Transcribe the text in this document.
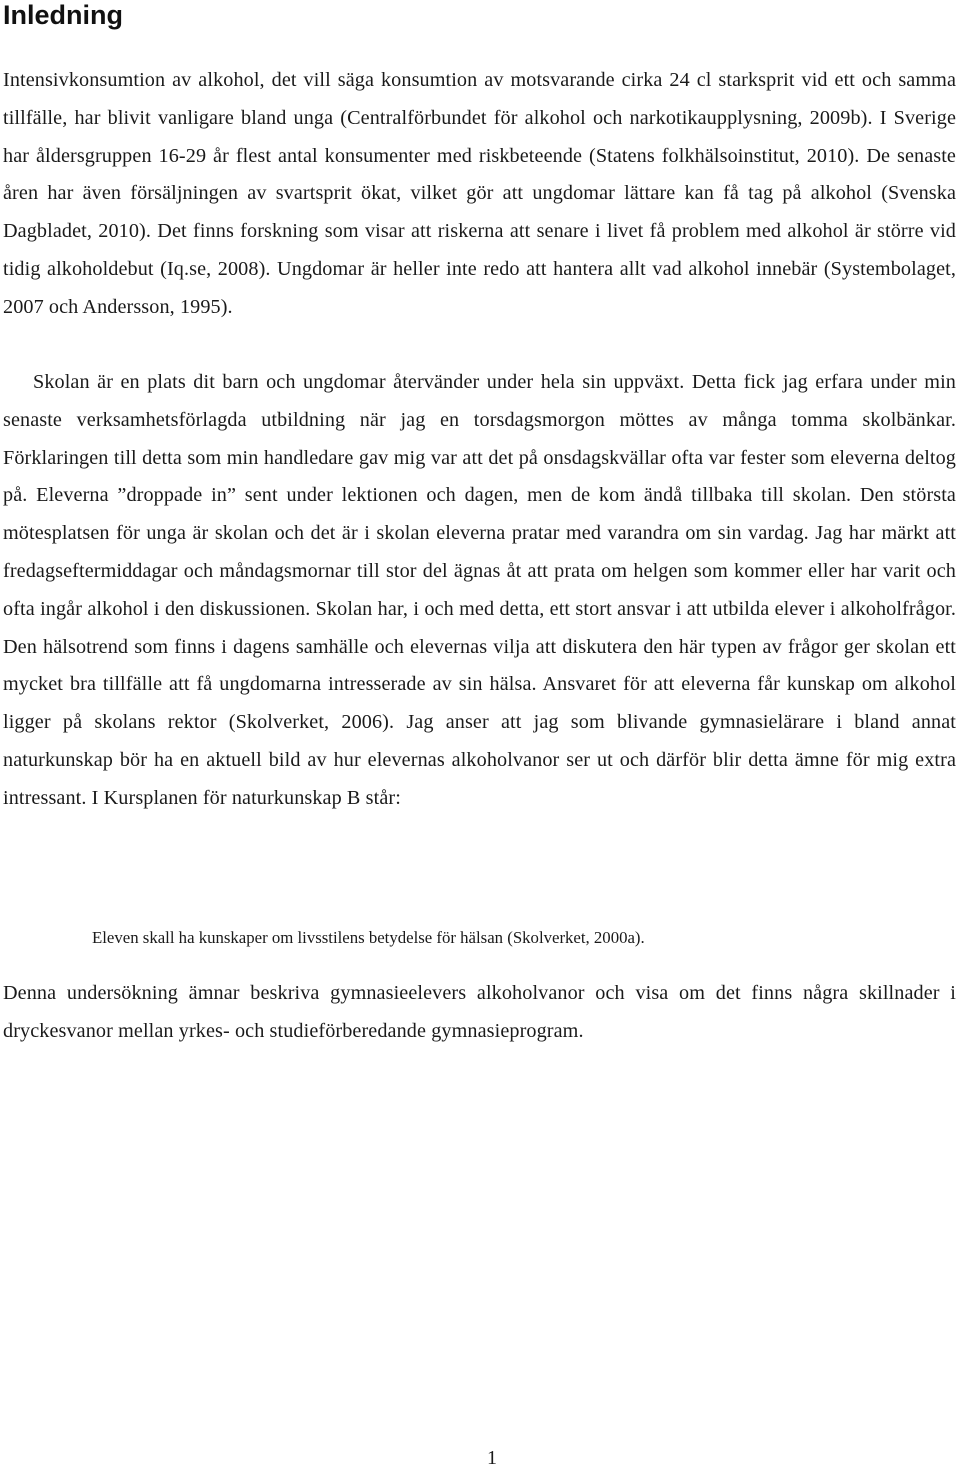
Inledning

Intensivkonsumtion av alkohol, det vill säga konsumtion av motsvarande cirka 24 cl starksprit vid ett och samma tillfälle, har blivit vanligare bland unga (Centralförbundet för alkohol och narkotikaupplysning, 2009b). I Sverige har åldersgruppen 16-29 år flest antal konsumenter med riskbeteende (Statens folkhälsoinstitut, 2010). De senaste åren har även försäljningen av svartsprit ökat, vilket gör att ungdomar lättare kan få tag på alkohol (Svenska Dagbladet, 2010). Det finns forskning som visar att riskerna att senare i livet få problem med alkohol är större vid tidig alkoholdebut (Iq.se, 2008). Ungdomar är heller inte redo att hantera allt vad alkohol innebär (Systembolaget, 2007 och Andersson, 1995).

Skolan är en plats dit barn och ungdomar återvänder under hela sin uppväxt. Detta fick jag erfara under min senaste verksamhetsförlagda utbildning när jag en torsdagsmorgon möttes av många tomma skolbänkar. Förklaringen till detta som min handledare gav mig var att det på onsdagskvällar ofta var fester som eleverna deltog på. Eleverna ”droppade in” sent under lektionen och dagen, men de kom ändå tillbaka till skolan. Den största mötesplatsen för unga är skolan och det är i skolan eleverna pratar med varandra om sin vardag. Jag har märkt att fredagseftermiddagar och måndagsmornar till stor del ägnas åt att prata om helgen som kommer eller har varit och ofta ingår alkohol i den diskussionen. Skolan har, i och med detta, ett stort ansvar i att utbilda elever i alkoholfrågor. Den hälsotrend som finns i dagens samhälle och elevernas vilja att diskutera den här typen av frågor ger skolan ett mycket bra tillfälle att få ungdomarna intresserade av sin hälsa. Ansvaret för att eleverna får kunskap om alkohol ligger på skolans rektor (Skolverket, 2006). Jag anser att jag som blivande gymnasielärare i bland annat naturkunskap bör ha en aktuell bild av hur elevernas alkoholvanor ser ut och därför blir detta ämne för mig extra intressant. I Kursplanen för naturkunskap B står:

Eleven skall ha kunskaper om livsstilens betydelse för hälsan (Skolverket, 2000a).

Denna undersökning ämnar beskriva gymnasieelevers alkoholvanor och visa om det finns några skillnader i dryckesvanor mellan yrkes- och studieförberedande gymnasieprogram.

1
